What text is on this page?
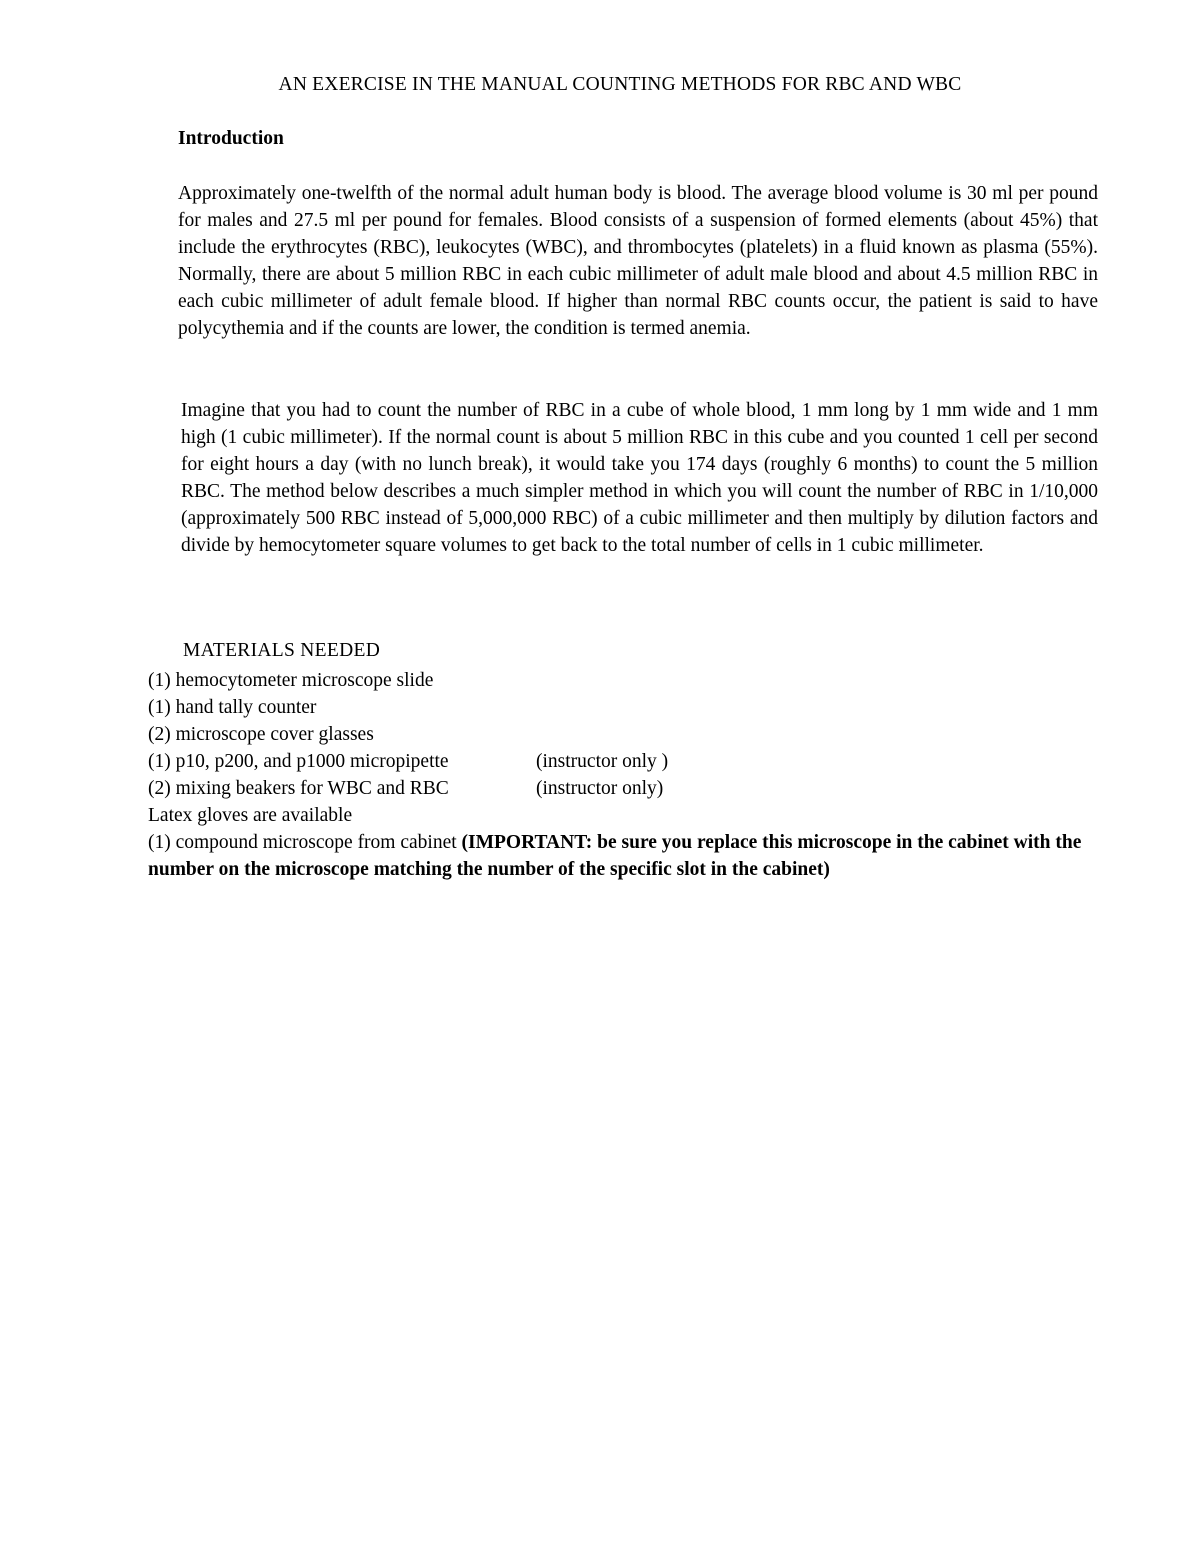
AN EXERCISE IN THE MANUAL COUNTING METHODS FOR RBC AND WBC
Introduction
Approximately one-twelfth of the normal adult human body is blood. The average blood volume is 30 ml per pound for males and 27.5 ml per pound for females. Blood consists of a suspension of formed elements (about 45%) that include the erythrocytes (RBC), leukocytes (WBC), and thrombocytes (platelets) in a fluid known as plasma (55%). Normally, there are about 5 million RBC in each cubic millimeter of adult male blood and about 4.5 million RBC in each cubic millimeter of adult female blood. If higher than normal RBC counts occur, the patient is said to have polycythemia and if the counts are lower, the condition is termed anemia.
Imagine that you had to count the number of RBC in a cube of whole blood, 1 mm long by 1 mm wide and 1 mm high (1 cubic millimeter). If the normal count is about 5 million RBC in this cube and you counted 1 cell per second for eight hours a day (with no lunch break), it would take you 174 days (roughly 6 months) to count the 5 million RBC. The method below describes a much simpler method in which you will count the number of RBC in 1/10,000 (approximately 500 RBC instead of 5,000,000 RBC) of a cubic millimeter and then multiply by dilution factors and divide by hemocytometer square volumes to get back to the total number of cells in 1 cubic millimeter.
MATERIALS NEEDED
(1) hemocytometer microscope slide
(1) hand tally counter
(2) microscope cover glasses
(1) p10, p200, and p1000 micropipette	(instructor only )
(2) mixing beakers for WBC and RBC	(instructor only)
Latex gloves are available
(1) compound microscope from cabinet (IMPORTANT: be sure you replace this microscope in the cabinet with the number on the microscope matching the number of the specific slot in the cabinet)
